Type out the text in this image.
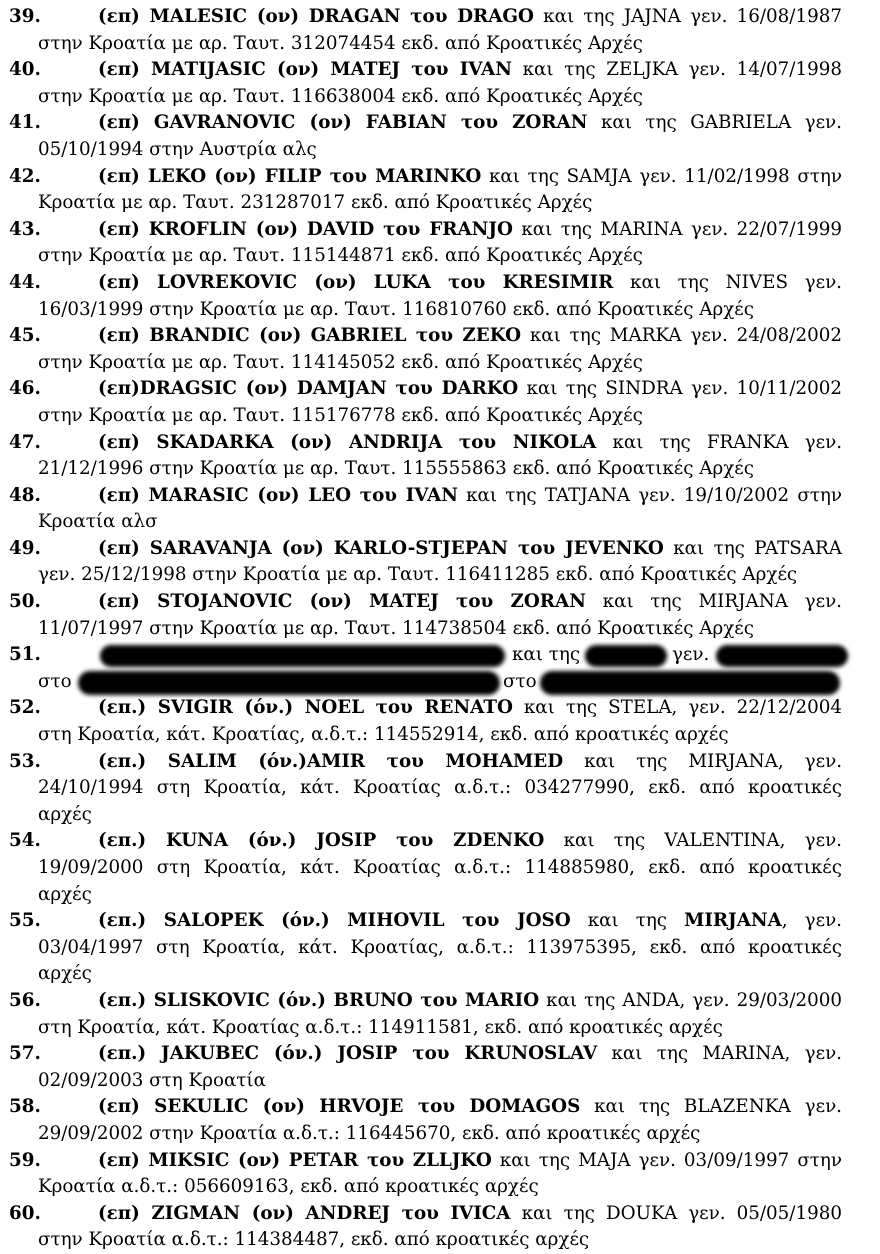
39.	(επ) MALESIC (ον) DRAGAN του DRAGO και της JAJNA γεν. 16/08/1987
στην Κροατία με αρ. Ταυτ. 312074454 εκδ. από Κροατικές Αρχές
40.	(επ) MATIJASIC (ον) MATEJ του IVAN και της ZELJKA γεν. 14/07/1998
στην Κροατία με αρ. Ταυτ. 116638004 εκδ. από Κροατικές Αρχές
41.	(επ) GAVRANOVIC (ον) FABIAN του ZORAN και της GABRIELA γεν.
05/10/1994 στην Αυστρία αλς
42.	(επ) LEKO (ον) FILIP του MARINKO και της SAMJA γεν. 11/02/1998 στην
Κροατία με αρ. Ταυτ. 231287017 εκδ. από Κροατικές Αρχές
43.	(επ) KROFLIN (ον) DAVID του FRANJO και της MARINA γεν. 22/07/1999
στην Κροατία με αρ. Ταυτ. 115144871 εκδ. από Κροατικές Αρχές
44.	(επ) LOVREKOVIC (ον) LUKA του KRESIMIR και της NIVES γεν.
16/03/1999 στην Κροατία με αρ. Ταυτ. 116810760 εκδ. από Κροατικές Αρχές
45.	(επ) BRANDIC (ον) GABRIEL του ZEKO και της MARKA γεν. 24/08/2002
στην Κροατία με αρ. Ταυτ. 114145052 εκδ. από Κροατικές Αρχές
46.	(επ)DRAGSIC (ον) DAMJAN του DARKO και της SINDRA γεν. 10/11/2002
στην Κροατία με αρ. Ταυτ. 115176778 εκδ. από Κροατικές Αρχές
47.	(επ) SKADARKA (ον) ANDRIJA του NIKOLA και της FRANKA γεν.
21/12/1996 στην Κροατία με αρ. Ταυτ. 115555863 εκδ. από Κροατικές Αρχές
48.	(επ) MARASIC (ον) LEO του IVAN και της TATJANA γεν. 19/10/2002 στην
Κροατία αλσ
49.	(επ) SARAVANJA (ον) KARLO-STJEPAN του JEVENKO και της PATSARA
γεν. 25/12/1998 στην Κροατία με αρ. Ταυτ. 116411285 εκδ. από Κροατικές Αρχές
50.	(επ) STOJANOVIC (ον) MATEJ του ZORAN και της MIRJANA γεν.
11/07/1997 στην Κροατία με αρ. Ταυτ. 114738504 εκδ. από Κροατικές Αρχές
51.	και της	γεν.
στο	στο
52.	(επ.) SVIGIR (όν.) NOEL του RENATO και της STELA, γεν. 22/12/2004
στη Κροατία, κάτ. Κροατίας, α.δ.τ.: 114552914, εκδ. από κροατικές αρχές
53.	(επ.) SALIM (όν.)AMIR του MOHAMED και της MIRJANA, γεν.
24/10/1994 στη Κροατία, κάτ. Κροατίας α.δ.τ.: 034277990, εκδ. από κροατικές
αρχές
54.	(επ.) KUNA (όν.) JOSIP του ZDENKO και της VALENTINA, γεν.
19/09/2000 στη Κροατία, κάτ. Κροατίας α.δ.τ.: 114885980, εκδ. από κροατικές
αρχές
55.	(επ.) SALOPEK (όν.) MIHOVIL του JOSO και της MIRJANA, γεν.
03/04/1997 στη Κροατία, κάτ. Κροατίας, α.δ.τ.: 113975395, εκδ. από κροατικές
αρχές
56.	(επ.) SLISKOVIC (όν.) BRUNO του MARIO και της ANDA, γεν. 29/03/2000
στη Κροατία, κάτ. Κροατίας α.δ.τ.: 114911581, εκδ. από κροατικές αρχές
57.	(επ.) JAKUBEC (όν.) JOSIP του KRUNOSLAV και της MARINA, γεν.
02/09/2003 στη Κροατία
58.	(επ) SEKULIC (ον) HRVOJE του DOMAGOS και της BLAZENKA γεν.
29/09/2002 στην Κροατία α.δ.τ.: 116445670, εκδ. από κροατικές αρχές
59.	(επ) MIKSIC (ον) PETAR του ZLLJKO και της MAJA γεν. 03/09/1997 στην
Κροατία α.δ.τ.: 056609163, εκδ. από κροατικές αρχές
60.	(επ) ZIGMAN (ον) ANDREJ του IVICA και της DOUKA γεν. 05/05/1980
στην Κροατία α.δ.τ.: 114384487, εκδ. από κροατικές αρχές
